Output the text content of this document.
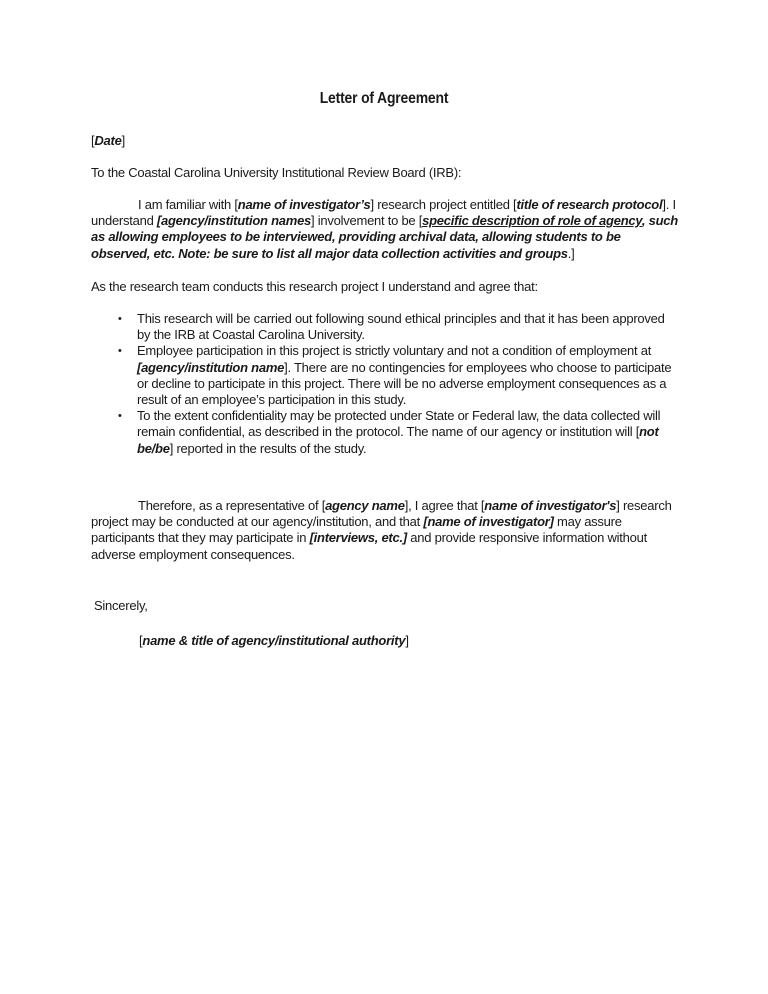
Letter of Agreement
[Date]
To the Coastal Carolina University Institutional Review Board (IRB):
I am familiar with [name of investigator’s] research project entitled [title of research protocol]. I understand [agency/institution names] involvement to be [specific description of role of agency, such as allowing employees to be interviewed, providing archival data, allowing students to be observed, etc. Note: be sure to list all major data collection activities and groups.]
As the research team conducts this research project I understand and agree that:
• This research will be carried out following sound ethical principles and that it has been approved by the IRB at Coastal Carolina University.
• Employee participation in this project is strictly voluntary and not a condition of employment at [agency/institution name]. There are no contingencies for employees who choose to participate or decline to participate in this project. There will be no adverse employment consequences as a result of an employee’s participation in this study.
• To the extent confidentiality may be protected under State or Federal law, the data collected will remain confidential, as described in the protocol. The name of our agency or institution will [not be/be] reported in the results of the study.
Therefore, as a representative of [agency name], I agree that [name of investigator's] research project may be conducted at our agency/institution, and that [name of investigator] may assure participants that they may participate in [interviews, etc.] and provide responsive information without adverse employment consequences.
Sincerely,
[name & title of agency/institutional authority]
